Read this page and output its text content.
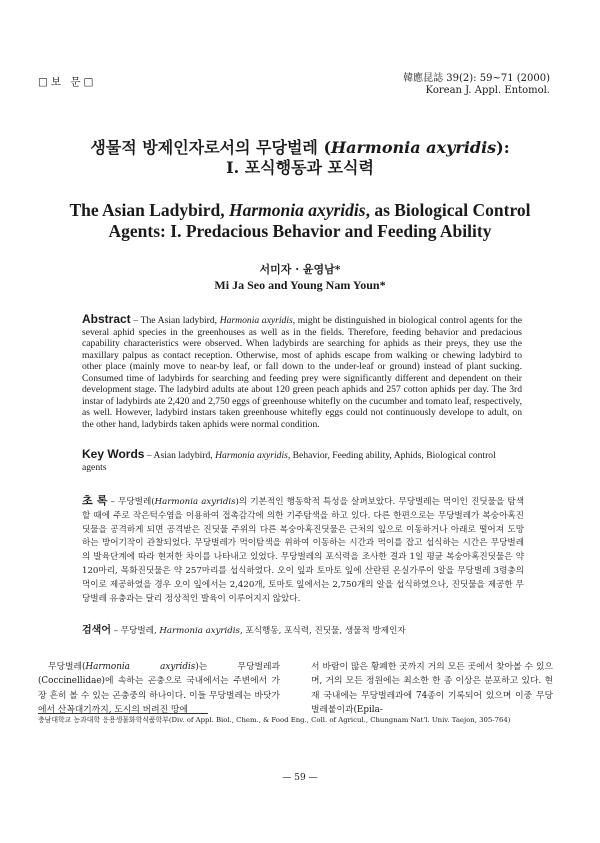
□보 문□	韓應昆誌 39(2): 59~71 (2000)
Korean J. Appl. Entomol.
생물적 방제인자로서의 무당벌레 (Harmonia axyridis):
I. 포식행동과 포식력
The Asian Ladybird, Harmonia axyridis, as Biological Control
Agents: I. Predacious Behavior and Feeding Ability
서미자 · 윤영남*
Mi Ja Seo and Young Nam Youn*
Abstract – The Asian ladybird, Harmonia axyridis, might be distinguished in biological control agents for the several aphid species in the greenhouses as well as in the fields. Therefore, feeding behavior and predacious capability characteristics were observed. When ladybirds are searching for aphids as their preys, they use the maxillary palpus as contact reception. Otherwise, most of aphids escape from walking or chewing ladybird to other place (mainly move to near-by leaf, or fall down to the under-leaf or ground) instead of plant sucking. Consumed time of ladybirds for searching and feeding prey were significantly different and dependent on their development stage. The ladybird adults ate about 120 green peach aphids and 257 cotton aphids per day. The 3rd instar of ladybirds ate 2,420 and 2,750 eggs of greenhouse whitefly on the cucumber and tomato leaf, respectively, as well. However, ladybird instars taken greenhouse whitefly eggs could not continuously develope to adult, on the other hand, ladybirds taken aphids were normal condition.
Key Words – Asian ladybird, Harmonia axyridis, Behavior, Feeding ability, Aphids, Biological control agents
초 록 – 무당벌레(Harmonia axyridis)의 기본적인 행동학적 특성을 살펴보았다. 무당벌레는 먹이인 진딧물을 탐색할 때에 주로 작은턱수염을 이용하여 접촉감각에 의한 기주탐색을 하고 있다. 다른 한편으로는 무당벌레가 복숭아혹진딧물을 공격하게 되면 공격받은 진딧물 주위의 다른 복숭아혹진딧물은 근처의 잎으로 이동하거나 아래로 떨어져 도망하는 방어기작이 관찰되었다. 무당벌레가 먹이탐색을 위하여 이동하는 시간과 먹이를 잡고 섭식하는 시간은 무당벌레의 발육단계에 따라 현저한 차이를 나타내고 있었다. 무당벌레의 포식력을 조사한 결과 1일 평균 복숭아혹진딧물은 약 120마리, 목화진딧물은 약 257마리를 섭식하였다. 오이 잎과 토마토 잎에 산란된 온실가루이 알을 무당벌레 3령충의 먹이로 제공하였을 경우 오이 잎에서는 2,420개, 토마토 잎에서는 2,750개의 알을 섭식하였으나, 진딧물을 제공한 무당벌레 유충과는 달리 정상적인 발육이 이루어지지 않았다.
검색어 – 무당벌레, Harmonia axyridis, 포식행동, 포식력, 진딧물, 생물적 방제인자
무당벌레(Harmonia axyridis)는 무당벌레과(Coccinellidae)에 속하는 곤충으로 국내에서는 주변에서 가장 흔히 볼 수 있는 곤충중의 하나이다. 이들 무당벌레는 바닷가에서 산꼭대기까지, 도시의 버려진 땅에
서 바람이 많은 황폐한 곳까지 거의 모든 곳에서 찾아볼 수 있으며, 거의 모든 정원에는 최소한 한 종 이상은 분포하고 있다. 현재 국내에는 무당벌레과에 74종이 기록되어 있으며 이중 무당벌레붙이과(Epila-
충남대학교 농과대학 응용생물화학식품학부(Div. of Appl. Biol., Chem., & Food Eng., Coll. of Agricul., Chungnam Nat'l. Univ. Taejon, 305-764)
— 59 —
